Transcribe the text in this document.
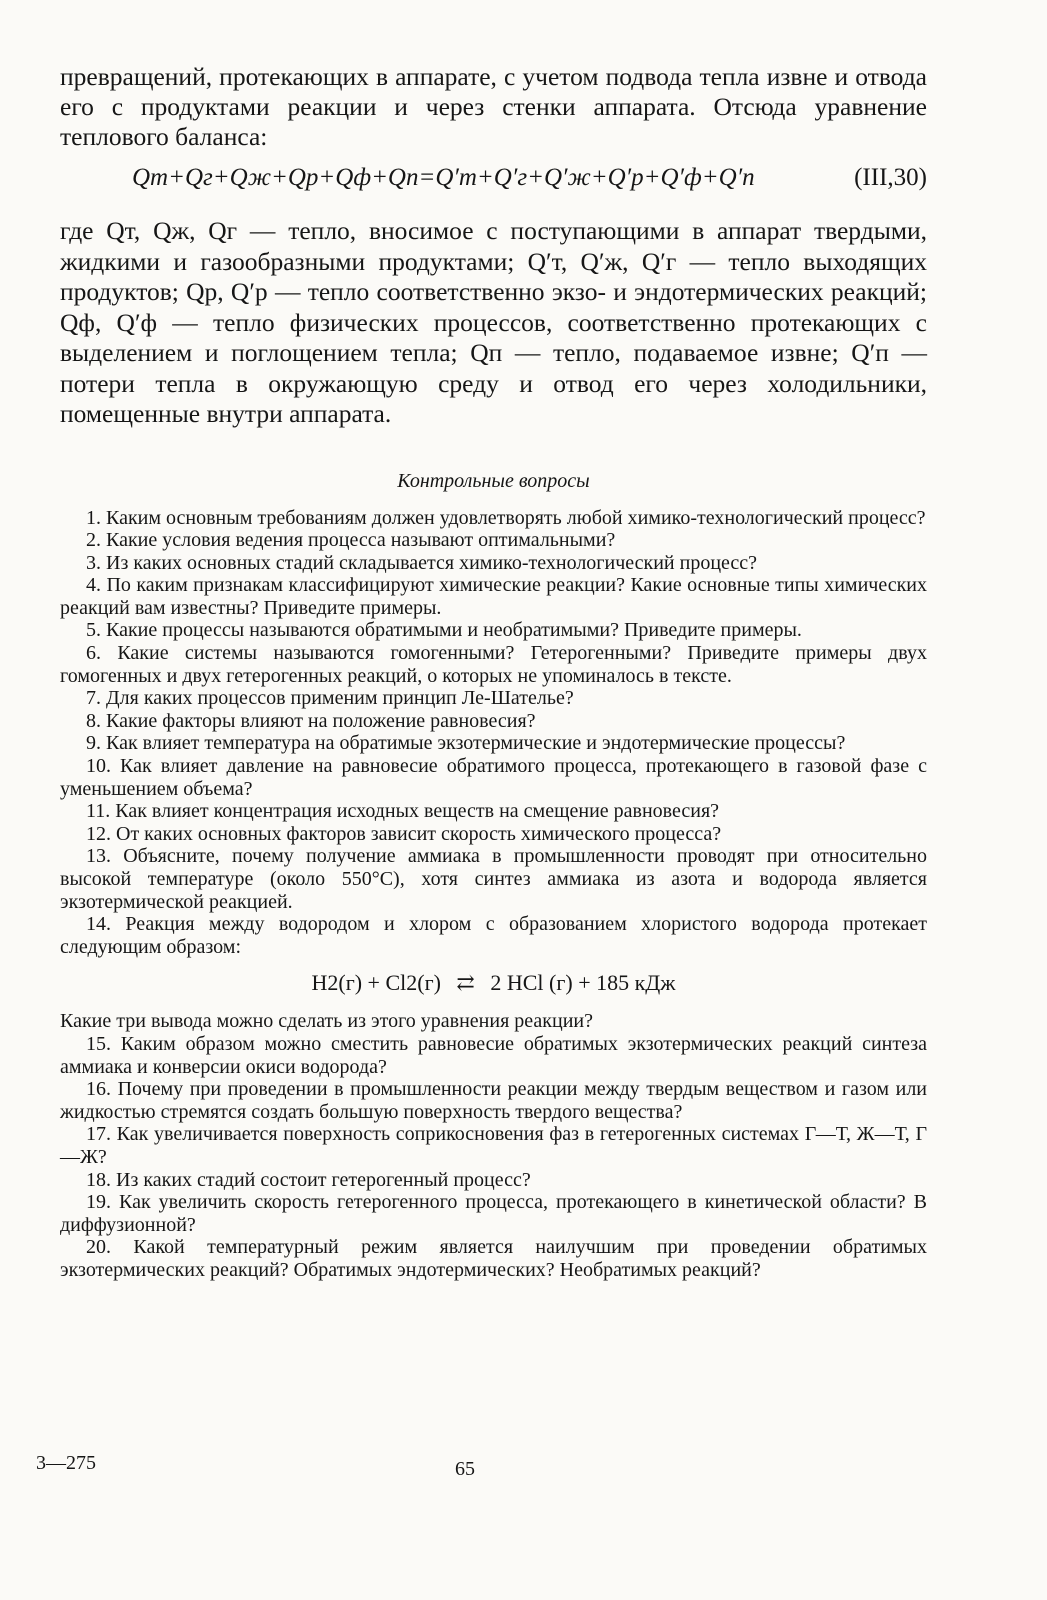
превращений, протекающих в аппарате, с учетом подвода тепла извне и отвода его с продуктами реакции и через стенки аппарата. Отсюда уравнение теплового баланса:

Qт+Qг+Qж+Qр+Qф+Qп=Q′т+Q′г+Q′ж+Q′р+Q′ф+Q′п	(III,30)

где Qт, Qж, Qг — тепло, вносимое с поступающими в аппарат твердыми, жидкими и газообразными продуктами; Q′т, Q′ж, Q′г — тепло выходящих продуктов; Qр, Q′р — тепло соответственно экзо- и эндотермических реакций; Qф, Q′ф — тепло физических процессов, соответственно протекающих с выделением и поглощением тепла; Qп — тепло, подаваемое извне; Q′п — потери тепла в окружающую среду и отвод его через холодильники, помещенные внутри аппарата.

Контрольные вопросы

1. Каким основным требованиям должен удовлетворять любой химико-технологический процесс?

2. Какие условия ведения процесса называют оптимальными?

3. Из каких основных стадий складывается химико-технологический процесс?

4. По каким признакам классифицируют химические реакции? Какие основные типы химических реакций вам известны? Приведите примеры.

5. Какие процессы называются обратимыми и необратимыми? Приведите примеры.

6. Какие системы называются гомогенными? Гетерогенными? Приведите примеры двух гомогенных и двух гетерогенных реакций, о которых не упоминалось в тексте.

7. Для каких процессов применим принцип Ле-Шателье?

8. Какие факторы влияют на положение равновесия?

9. Как влияет температура на обратимые экзотермические и эндотермические процессы?

10. Как влияет давление на равновесие обратимого процесса, протекающего в газовой фазе с уменьшением объема?

11. Как влияет концентрация исходных веществ на смещение равновесия?

12. От каких основных факторов зависит скорость химического процесса?

13. Объясните, почему получение аммиака в промышленности проводят при относительно высокой температуре (около 550°C), хотя синтез аммиака из азота и водорода является экзотермической реакцией.

14. Реакция между водородом и хлором с образованием хлористого водорода протекает следующим образом:

H2(г) + Cl2(г) ⇄ 2 HCl (г) + 185 кДж

Какие три вывода можно сделать из этого уравнения реакции?

15. Каким образом можно сместить равновесие обратимых экзотермических реакций синтеза аммиака и конверсии окиси водорода?

16. Почему при проведении в промышленности реакции между твердым веществом и газом или жидкостью стремятся создать большую поверхность твердого вещества?

17. Как увеличивается поверхность соприкосновения фаз в гетерогенных системах Г—Т, Ж—Т, Г—Ж?

18. Из каких стадий состоит гетерогенный процесс?

19. Как увеличить скорость гетерогенного процесса, протекающего в кинетической области? В диффузионной?

20. Какой температурный режим является наилучшим при проведении обратимых экзотермических реакций? Обратимых эндотермических? Необратимых реакций?

3—275	65
